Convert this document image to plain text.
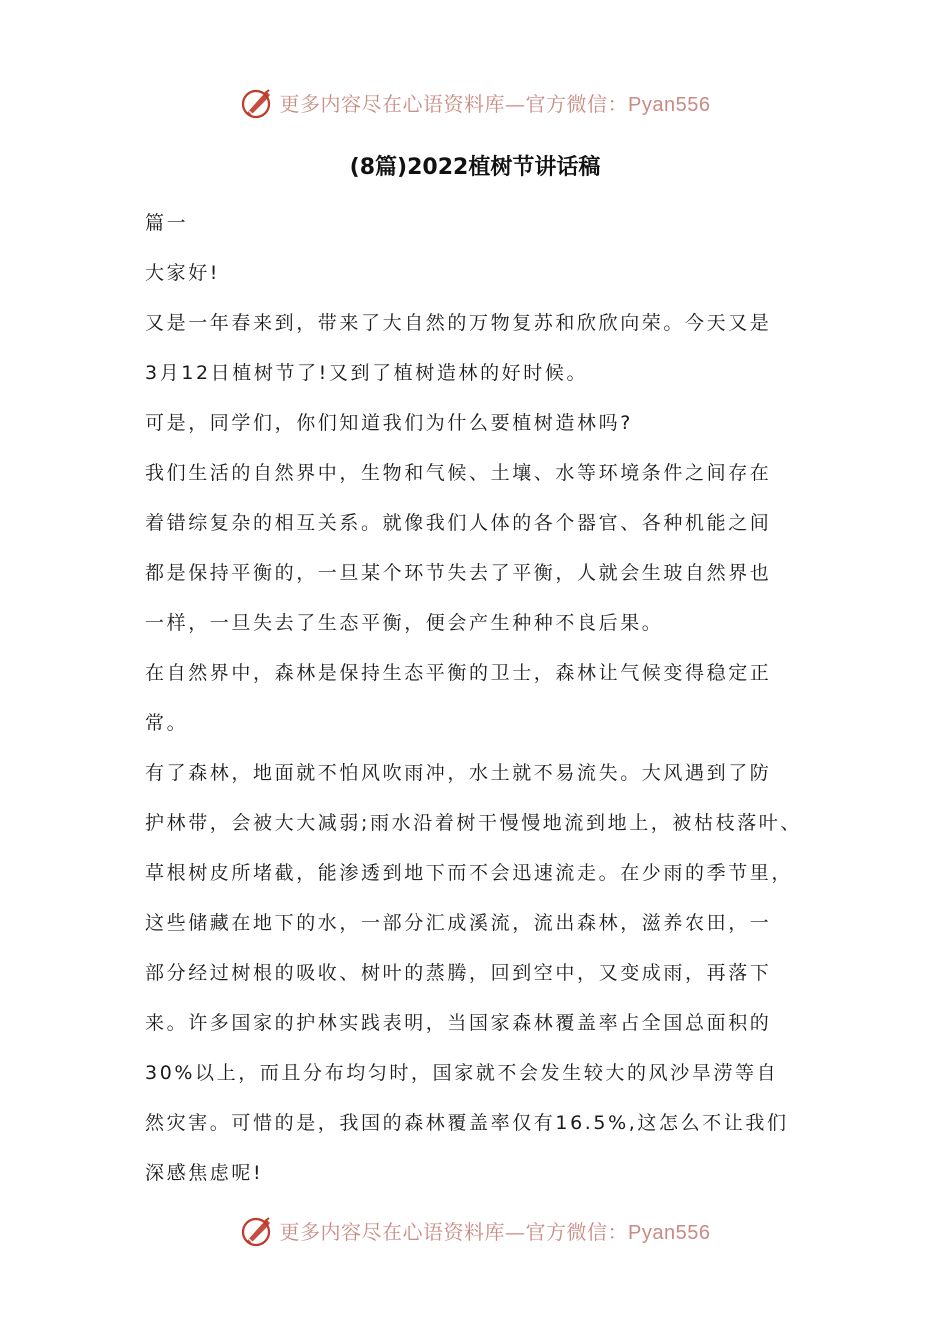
更多内容尽在心语资料库—官方微信：Pyan556
(8篇)2022植树节讲话稿
篇一
大家好!
又是一年春来到，带来了大自然的万物复苏和欣欣向荣。今天又是
3月12日植树节了!又到了植树造林的好时候。
可是，同学们，你们知道我们为什么要植树造林吗?
我们生活的自然界中，生物和气候、土壤、水等环境条件之间存在
着错综复杂的相互关系。就像我们人体的各个器官、各种机能之间
都是保持平衡的，一旦某个环节失去了平衡，人就会生玻自然界也
一样，一旦失去了生态平衡，便会产生种种不良后果。
在自然界中，森林是保持生态平衡的卫士，森林让气候变得稳定正
常。
有了森林，地面就不怕风吹雨冲，水土就不易流失。大风遇到了防
护林带，会被大大减弱;雨水沿着树干慢慢地流到地上，被枯枝落叶、
草根树皮所堵截，能渗透到地下而不会迅速流走。在少雨的季节里，
这些储藏在地下的水，一部分汇成溪流，流出森林，滋养农田，一
部分经过树根的吸收、树叶的蒸腾，回到空中，又变成雨，再落下
来。许多国家的护林实践表明，当国家森林覆盖率占全国总面积的
30%以上，而且分布均匀时，国家就不会发生较大的风沙旱涝等自
然灾害。可惜的是，我国的森林覆盖率仅有16.5%,这怎么不让我们
深感焦虑呢!
更多内容尽在心语资料库—官方微信：Pyan556
